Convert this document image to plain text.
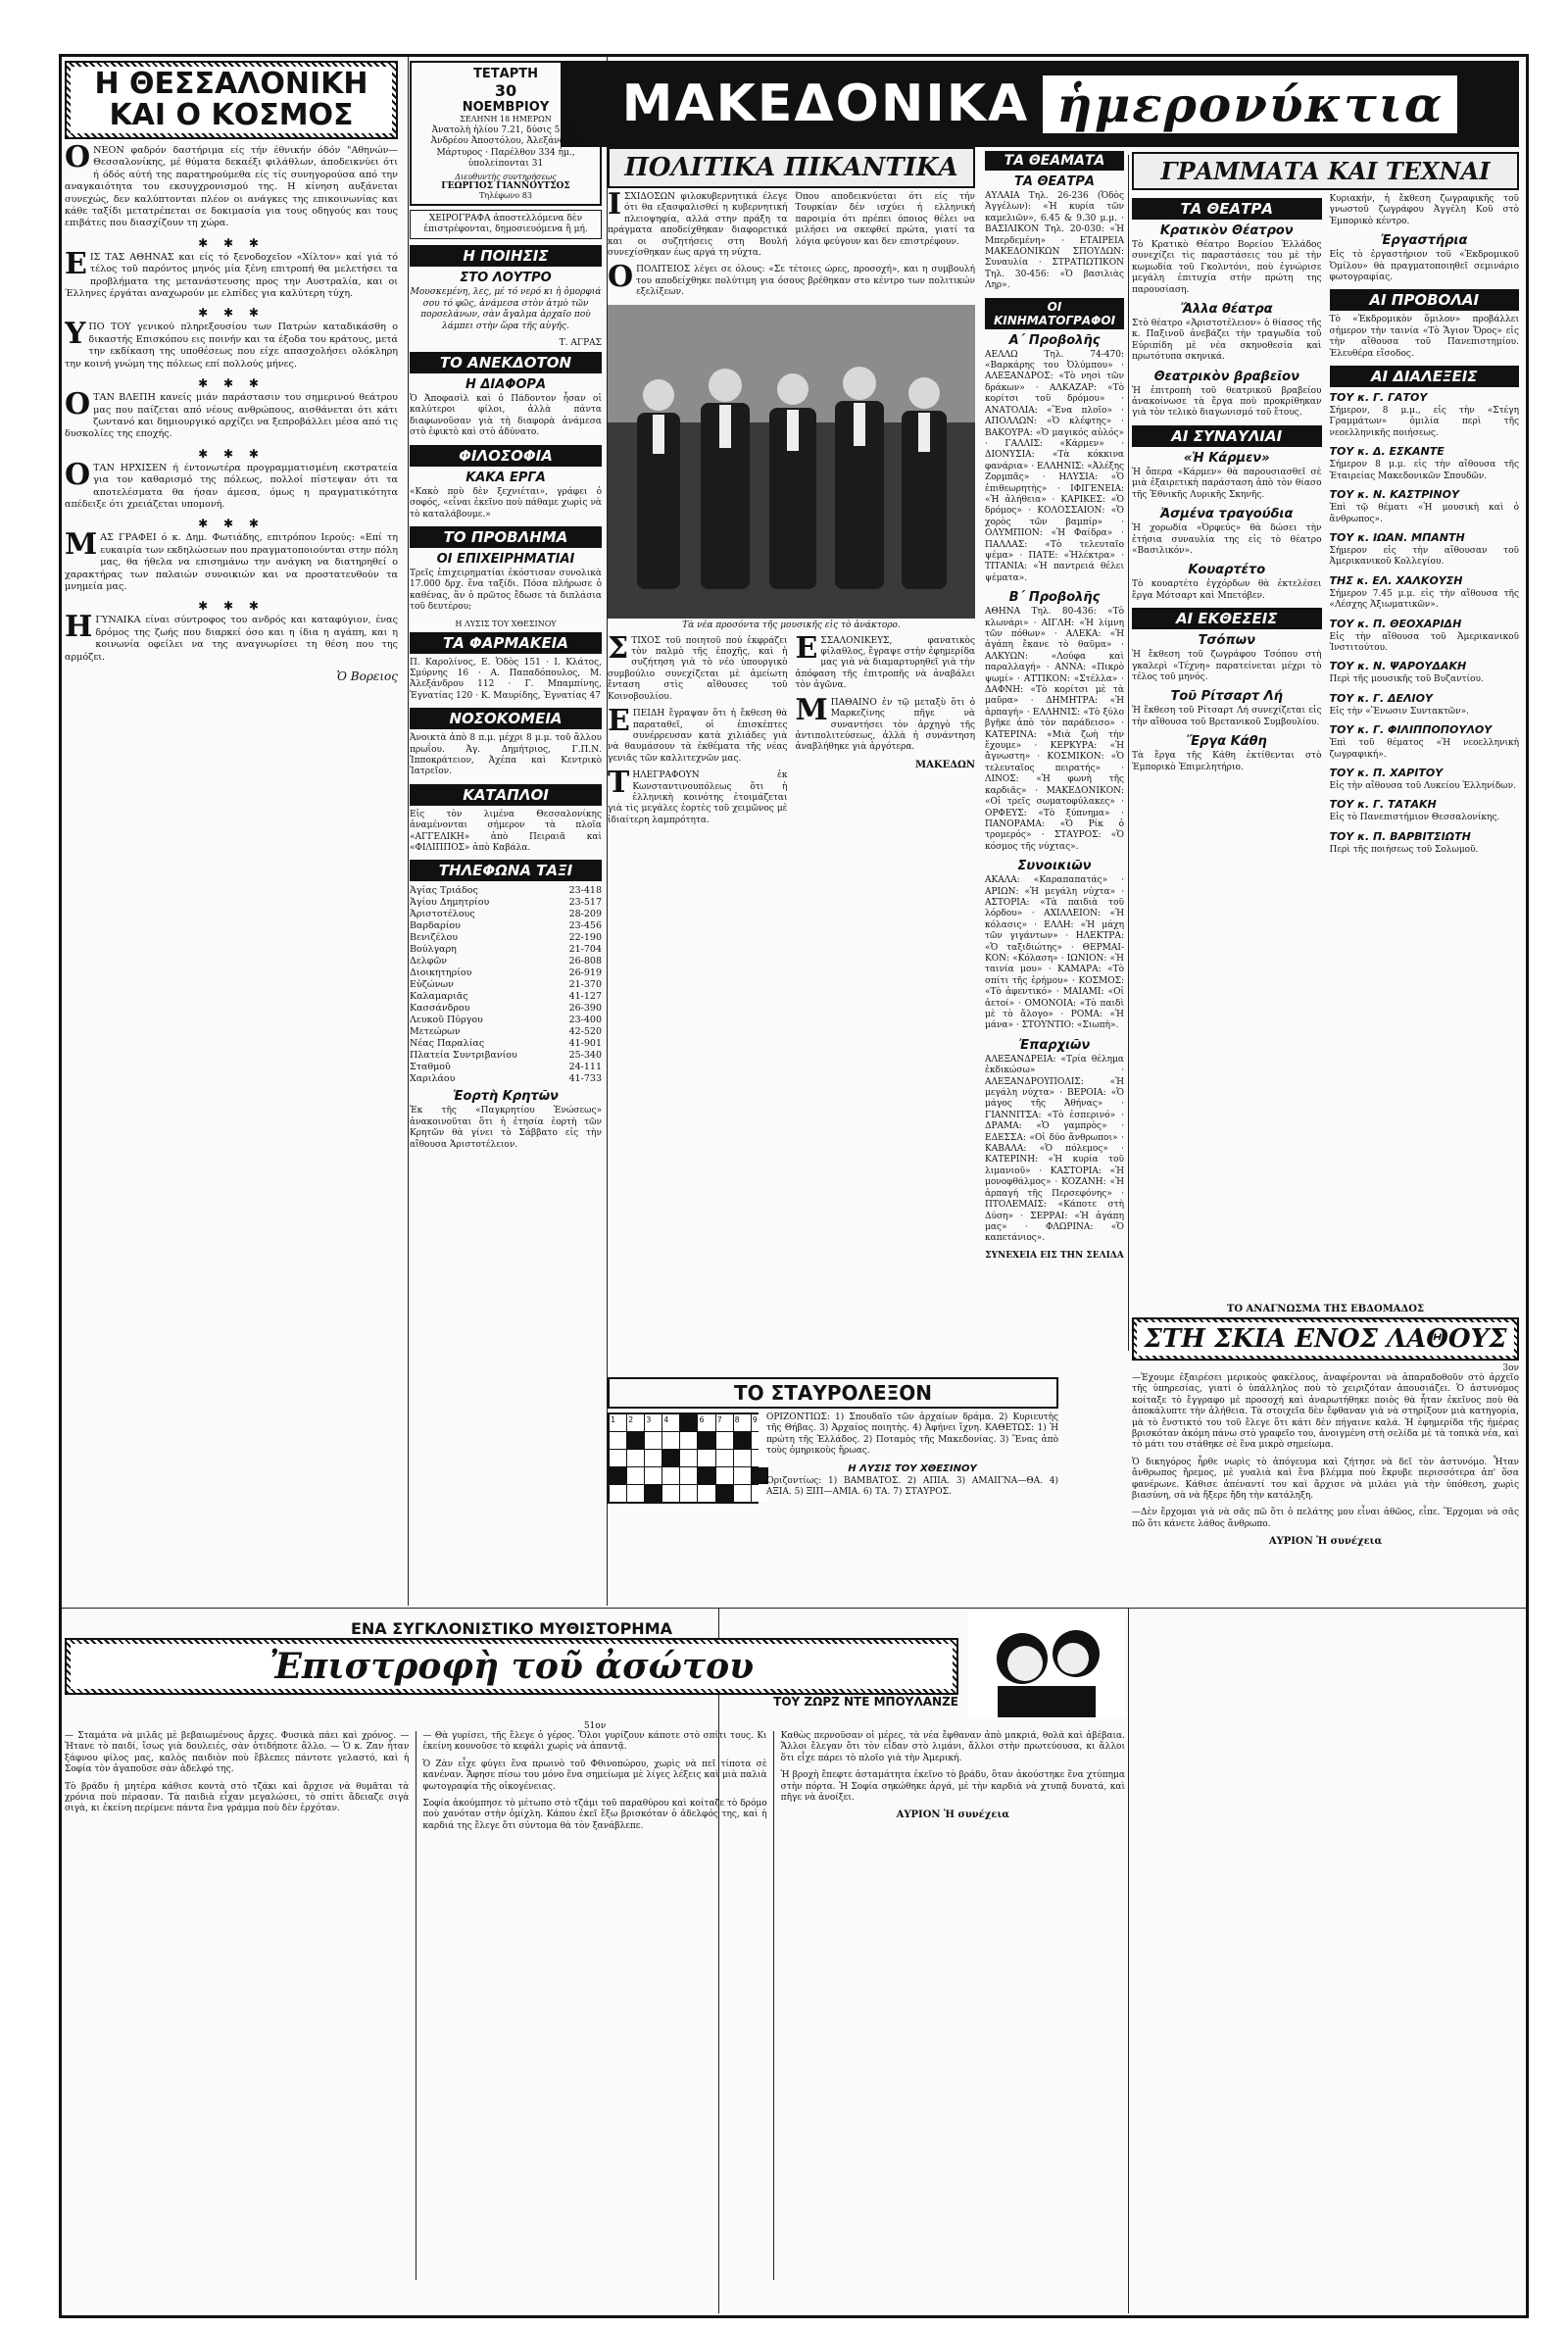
ΜΑΚΕΔΟΝΙΚΑ ἡμερονύκτια
Η ΘΕΣΣΑΛΟΝΙΚΗ ΚΑΙ Ο ΚΟΣΜΟΣ

ΟΝΕΟΝ φαδρόν δαστήριμα είς τήν έθνικήν όδόν "Αθηνών—Θεσσαλονίκης, μέ θύματα δεκαέξι φιλάθλων, άποδεικνύει ότι ή όδός αύτή της παρατηρούμεθα είς τίς συνηγορούσα από την αναγκαιότητα του εκσυγχρονισμού της. Η κίνηση αυξάνεται συνεχώς, δεν καλύπτονται πλέον οι ανάγκες της επικοινωνίας και κάθε ταξίδι μετατρέπεται σε δοκιμασία για τους οδηγούς και τους επιβάτες που διασχίζουν τη χώρα.

✱ ✱ ✱

ΕΙΣ ΤΑΣ ΑΘΗΝΑΣ και είς τό ξενοδοχεῖον «Χίλτον» καί γιά τό τέλος τοῦ παρόντος μηνός μία ξένη επιτροπή θα μελετήσει τα προβλήματα της μετανάστευσης προς την Αυστραλία, και οι Έλληνες έργάται αναχωρούν με ελπίδες για καλύτερη τύχη.

✱ ✱ ✱

ΥΠΟ ΤΟΥ γενικού πληρεξουσίου των Πατρών καταδικάσθη ο δικαστής Επισκόπου εις ποινήν και τα έξοδα του κράτους, μετά την εκδίκαση της υποθέσεως που είχε απασχολήσει ολόκληρη την κοινή γνώμη της πόλεως επί πολλούς μήνες.

✱ ✱ ✱

ΟΤΑΝ ΒΛΕΠΗ κανείς μιάν παράστασιν του σημερινού θεάτρου μας που παίζεται από νέους ανθρώπους, αισθάνεται ότι κάτι ζωντανό και δημιουργικό αρχίζει να ξεπροβάλλει μέσα από τις δυσκολίες της εποχής.

✱ ✱ ✱

ΟΤΑΝ ΗΡΧΙΣΕΝ ή έντονωτέρα προγραμματισμένη εκστρατεία για τον καθαρισμό της πόλεως, πολλοί πίστεψαν ότι τα αποτελέσματα θα ήσαν άμεσα, όμως η πραγματικότητα απέδειξε ότι χρειάζεται υπομονή.

✱ ✱ ✱

ΜΑΣ ΓΡΑΦΕΙ ό κ. Δημ. Φωτιάδης, επιτρόπου Ιερούς: «Επί τη ευκαιρία των εκδηλώσεων που πραγματοποιούνται στην πόλη μας, θα ήθελα να επισημάνω την ανάγκη να διατηρηθεί ο χαρακτήρας των παλαιών συνοικιών και να προστατευθούν τα μνημεία μας.

✱ ✱ ✱

ΗΓΥΝΑΙΚΑ είναι σύντροφος του ανδρός και καταφύγιον, ένας δρόμος της ζωής που διαρκεί όσο και η ίδια η αγάπη, και η κοινωνία οφείλει να της αναγνωρίσει τη θέση που της αρμόζει.

Ὁ Βορειος
ΤΕΤΑΡΤΗ
30
ΝΟΕΜΒΡΙΟΥ
ΣΕΛΗΝΗ 18 ΗΜΕΡΩΝ
Ἀνατολὴ ἡλίου 7.21, δύσις 5.06 · Ἀνδρέου Ἀποστόλου, Ἀλεξάνδρου Μάρτυρος · Παρέλθον 334 ἡμ., ὑπολείπονται 31
Διευθυντὴς συντηρήσεως
ΓΕΩΡΓΙΟΣ ΓΙΑΝΝΟΥΤΣΟΣ
Τηλέφωνο 83
ΧΕΙΡΟΓΡΑΦΑ ἀποστελλόμενα δὲν ἐπιστρέφονται, δημοσιευόμενα ἢ μή.
Η ΠΟΙΗΣΙΣ
ΣΤΟ ΛΟΥΤΡΟ

Μουσκεμένη, λες, μέ τό νερό κι ἡ ὁμορφιά σου τό φῶς, ἀνάμεσα στὸν ἀτμὸ τῶν πορσελάνων, σὰν ἄγαλμα ἀρχαῖο ποὺ λάμπει στὴν ὥρα τῆς αὐγῆς.

Τ. ΑΓΡΑΣ
ΤΟ ΑΝΕΚΔΟΤΟΝ
Η ΔΙΑΦΟΡΑ

Ὁ Ἀποφασὶλ καὶ ὁ Πάδοντον ἦσαν οἱ καλύτεροι φίλοι, ἀλλὰ πάντα διαφωνοῦσαν γιὰ τὴ διαφορὰ ἀνάμεσα στὸ ἐφικτὸ καὶ στὸ ἀδύνατο.

ΦΙΛΟΣΟΦΙΑ
ΚΑΚΑ ΕΡΓΑ

«Κακὸ ποὺ δὲν ξεχνιέται», γράφει ὁ σοφός, «εἶναι ἐκεῖνο ποὺ πάθαμε χωρὶς νὰ τὸ καταλάβουμε.»

ΤΟ ΠΡΟΒΛΗΜΑ
ΟΙ ΕΠΙΧΕΙΡΗΜΑΤΙΑΙ

Τρεῖς ἐπιχειρηματίαι ἐκόστισαν συνολικὰ 17.000 δρχ. ἕνα ταξίδι. Πόσα πλήρωσε ὁ καθένας, ἂν ὁ πρῶτος ἔδωσε τὰ διπλάσια τοῦ δευτέρου;

Η ΛΥΣΙΣ ΤΟΥ ΧΘΕΣΙΝΟΥ
ΤΑ ΦΑΡΜΑΚΕΙΑ

Π. Καρολίνος, Ε. Ὁδὸς 151 · Ι. Κλάτος, Σμύρνης 16 · Α. Παπαδόπουλος, Μ. Ἀλεξάνδρου 112 · Γ. Μπαμπίνης, Ἐγνατίας 120 · Κ. Μαυρίδης, Ἐγνατίας 47

ΝΟΣΟΚΟΜΕΙΑ

Ἀνοικτὰ ἀπὸ 8 π.μ. μέχρι 8 μ.μ. τοῦ ἄλλου πρωΐου. Ἀγ. Δημήτριος, Γ.Π.Ν. Ἱπποκράτειον, Ἀχέπα καὶ Κεντρικὸ Ἰατρεῖον.

ΚΑΤΑΠΛΟΙ

Εἰς τὸν λιμένα Θεσσαλονίκης ἀναμένονται σήμερον τὰ πλοῖα «ΑΓΓΕΛΙΚΗ» ἀπὸ Πειραιᾶ καὶ «ΦΙΛΙΠΠΟΣ» ἀπὸ Καβάλα.

ΤΗΛΕΦΩΝΑ ΤΑΞΙ
Ἁγίας Τριάδος	23-418
Ἁγίου Δημητρίου	23-517
Ἀριστοτέλους	28-209
Βαρδαρίου	23-456
Βενιζέλου	22-190
Βούλγαρη	21-704
Δελφῶν	26-808
Διοικητηρίου	26-919
Εὐζώνων	21-370
Καλαμαριᾶς	41-127
Κασσάνδρου	26-390
Λευκοῦ Πύργου	23-400
Μετεώρων	42-520
Νέας Παραλίας	41-901
Πλατεία Συντριβανίου	25-340
Σταθμοῦ	24-111
Χαριλάου	41-733
Ἑορτὴ Κρητῶν

Ἐκ τῆς «Παγκρητίου Ἑνώσεως» ἀνακοινοῦται ὅτι ἡ ἐτησία ἑορτὴ τῶν Κρητῶν θὰ γίνει τὸ Σάββατο εἰς τὴν αἴθουσα Ἀριστοτέλειον.

ΠΟΛΙΤΙΚΑ ΠΙΚΑΝΤΙΚΑ

ΙΣΧΙΔΟΣΩΝ φιλοκυβερνητικά έλεγε ότι θα εξασφαλισθεί η κυβερνητική πλειοψηφία, αλλά στην πράξη τα πράγματα αποδείχθηκαν διαφορετικά και οι συζητήσεις στη Βουλή συνεχίσθηκαν έως αργά τη νύχτα.

Όπου αποδεικνύεται ότι είς τήν Τουρκίαν δέν ισχύει ή ελληνική παροιμία ότι πρέπει όποιος θέλει να μιλήσει να σκεφθεί πρώτα, γιατί τα λόγια φεύγουν και δεν επιστρέφουν.

ΟΠΟΛΙΤΕΙΟΣ λέγει σε όλους: «Σε τέτοιες ώρες, προσοχή», και η συμβουλή του αποδείχθηκε πολύτιμη για όσους βρέθηκαν στο κέντρο των πολιτικών εξελίξεων.

Τὰ νέα προσόντα τῆς μουσικῆς εἰς τὸ ἀνάκτορο.

ΣΤΙΧΟΣ τοῦ ποιητοῦ πού ἐκφράζει τὸν παλμὸ τῆς ἐποχῆς, καὶ ἡ συζήτηση γιὰ τὸ νέο ὑπουργικὸ συμβούλιο συνεχίζεται μὲ ἀμείωτη ἔνταση στὶς αἴθουσες τοῦ Κοινοβουλίου.

ΕΠΕΙΔΗ ἔγραψαν ὅτι ἡ ἔκθεση θὰ παραταθεῖ, οἱ ἐπισκέπτες συνέρρευσαν κατὰ χιλιάδες γιὰ νὰ θαυμάσουν τὰ ἐκθέματα τῆς νέας γενιᾶς τῶν καλλιτεχνῶν μας.

ΤΗΛΕΓΡΑΦΟΥΝ ἐκ Κωνσταντινουπόλεως ὅτι ἡ ἐλληνικὴ κοινότης ἑτοιμάζεται γιὰ τὶς μεγάλες ἑορτὲς τοῦ χειμῶνος μὲ ἰδιαίτερη λαμπρότητα.

ΕΣΣΑΛΟΝΙΚΕΥΣ, φανατικὸς φίλαθλος, ἔγραψε στὴν ἐφημερίδα μας γιὰ νὰ διαμαρτυρηθεῖ γιὰ τὴν ἀπόφαση τῆς ἐπιτροπῆς νὰ ἀναβάλει τὸν ἀγῶνα.

ΜΠΑΘΑΙΝΟ ἐν τῷ μεταξὺ ὅτι ὁ Μαρκεζίνης πῆγε νὰ συναντήσει τὸν ἀρχηγὸ τῆς ἀντιπολιτεύσεως, ἀλλὰ ἡ συνάντηση ἀναβλήθηκε γιὰ ἀργότερα.

ΜΑΚΕΔΩΝ
ΤΟ ΣΤΑΥΡΟΛΕΞΟΝ
1	2	3	4	6	7	8	9	ΟΡΙΖΟΝΤΙΩΣ: 1) Σπουδαῖο τῶν ἀρχαίων δράμα. 2) Κυριευτὴς τῆς Θήβας. 3) Ἀρχαίος ποιητὴς. 4) Ἀφήνει ἴχνη. ΚΑΘΕΤΩΣ: 1) Ἡ πρώτη τῆς Ἑλλάδος. 2) Ποταμὸς τῆς Μακεδονίας. 3) Ἕνας ἀπὸ τοὺς ὀμηρικοὺς ἥρωας.

Η ΛΥΣΙΣ ΤΟΥ ΧΘΕΣΙΝΟΥ

Ὁριζοντίως: 1) ΒΑΜΒΑΤΟΣ. 2) ΑΠΙΑ. 3) ΑΜΑΙΓΝΑ—ΘΑ. 4) ΑΞΙΑ. 5) ΞΙΠ—ΑΜΙΑ. 6) ΤΑ. 7) ΣΤΑΥΡΟΣ.

ΤΑ ΘΕΑΜΑΤΑ
ΤΑ ΘΕΑΤΡΑ

ΑΥΛΑΙΑ Τηλ. 26-236 (Ὁδὸς Ἀγγέλων): «Ἡ κυρία τῶν καμελιῶν», 6.45 & 9.30 μ.μ. · ΒΑΣΙΛΙΚΟΝ Τηλ. 20-030: «Ἡ Μπερδεμένη» · ΕΤΑΙΡΕΙΑ ΜΑΚΕΔΟΝΙΚΩΝ ΣΠΟΥΔΩΝ: Συναυλία · ΣΤΡΑΤΙΩΤΙΚΟΝ Τηλ. 30-456: «Ὁ βασιλιὰς Ληρ».

ΟΙ ΚΙΝΗΜΑΤΟΓΡΑΦΟΙ
Α΄ Προβολῆς

ΑΕΛΛΩ Τηλ. 74-470: «Βαρκάρης του Ὀλύμπου» · ΑΛΕΞΑΝΔΡΟΣ: «Τὸ νησὶ τῶν δράκων» · ΑΛΚΑΖΑΡ: «Τὸ κορίτσι τοῦ δρόμου» · ΑΝΑΤΟΛΙΑ: «Ἕνα πλοῖο» · ΑΠΟΛΛΩΝ: «Ὁ κλέφτης» · ΒΑΚΟΥΡΑ: «Ὁ μαγικός αὐλός» · ΓΑΛΛΙΣ: «Κάρμεν» · ΔΙΟΝΥΣΙΑ: «Τὰ κόκκινα φανάρια» · ΕΛΛΗΝΙΣ: «Ἀλέξης Ζορμπᾶς» · ΗΛΥΣΙΑ: «Ὁ ἐπιθεωρητὴς» · ΙΦΙΓΕΝΕΙΑ: «Ἡ ἀλήθεια» · ΚΑΡΙΚΕΣ: «Ὁ δρόμος» · ΚΟΛΟΣΣΑΙΟΝ: «Ὁ χορὸς τῶν βαμπίρ» · ΟΛΥΜΠΙΟΝ: «Ἡ Φαίδρα» · ΠΑΛΛΑΣ: «Τὸ τελευταῖο ψέμα» · ΠΑΤΕ: «Ἠλέκτρα» · ΤΙΤΑΝΙΑ: «Ἡ παντρειά θέλει ψέματα».

Β΄ Προβολῆς

ΑΘΗΝΑ Τηλ. 80-436: «Τὸ κλωνάρι» · ΑΙΓΛΗ: «Ἡ λίμνη τῶν πόθων» · ΑΛΕΚΑ: «Ἡ ἀγάπη ἔκανε τὸ θαῦμα» · ΑΛΚΥΩΝ: «Λούφα καὶ παραλλαγή» · ΑΝΝΑ: «Πικρὸ ψωμί» · ΑΤΤΙΚΟΝ: «Στέλλα» · ΔΑΦΝΗ: «Τὸ κορίτσι μὲ τὰ μαῦρα» · ΔΗΜΗΤΡΑ: «Ἡ ἀρπαγή» · ΕΛΛΗΝΙΣ: «Τὸ ξύλο βγῆκε ἀπὸ τὸν παράδεισο» · ΚΑΤΕΡΙΝΑ: «Μιὰ ζωὴ τὴν ἔχουμε» · ΚΕΡΚΥΡΑ: «Ἡ ἄγνωστη» · ΚΟΣΜΙΚΟΝ: «Ὁ τελευταῖος πειρατής» · ΛΙΝΟΣ: «Ἡ φωνὴ τῆς καρδιᾶς» · ΜΑΚΕΔΟΝΙΚΟΝ: «Οἱ τρεῖς σωματοφύλακες» · ΟΡΦΕΥΣ: «Τὸ ξύπνημα» · ΠΑΝΟΡΑΜΑ: «Ὁ Ρίκ ὁ τρομερός» · ΣΤΑΥΡΟΣ: «Ὁ κόσμος τῆς νύχτας».

Συνοικιῶν

ΑΚΑΛΑ: «Καραπαπατάς» · ΑΡΙΩΝ: «Ἡ μεγάλη νύχτα» · ΑΣΤΟΡΙΑ: «Τὰ παιδιὰ τοῦ λόρδου» · ΑΧΙΛΛΕΙΟΝ: «Ἡ κόλασις» · ΕΛΛΗ: «Ἡ μάχη τῶν γιγάντων» · ΗΛΕΚΤΡΑ: «Ὁ ταξιδιώτης» · ΘΕΡΜΑΙ-ΚΟΝ: «Κόλαση» · ΙΩΝΙΟΝ: «Ἡ ταινία μου» · ΚΑΜΑΡΑ: «Τὸ σπίτι τῆς ἐρήμου» · ΚΟΣΜΟΣ: «Τὸ ἀφεντικό» · ΜΑΙΑΜΙ: «Οἱ ἀετοί» · ΟΜΟΝΟΙΑ: «Τὸ παιδὶ μὲ τὸ ἄλογο» · ΡΟΜΑ: «Ἡ μάνα» · ΣΤΟΥΝΤΙΟ: «Σιωπὴ».

Ἐπαρχιῶν

ΑΛΕΞΑΝΔΡΕΙΑ: «Τρία θέλημα ἐκδικώσω» · ΑΛΕΞΑΝΔΡΟΥΠΟΛΙΣ: «Ἡ μεγάλη νύχτα» · ΒΕΡΟΙΑ: «Ὁ μάγος τῆς Ἀθήνας» · ΓΙΑΝΝΙΤΣΑ: «Τὸ ἐσπερινό» · ΔΡΑΜΑ: «Ὁ γαμπρὸς» · ΕΔΕΣΣΑ: «Οἱ δύο ἄνθρωποι» · ΚΑΒΑΛΑ: «Ὁ πόλεμος» · ΚΑΤΕΡΙΝΗ: «Ἡ κυρία τοῦ λιμανιοῦ» · ΚΑΣΤΟΡΙΑ: «Ἡ μονοφθάλμος» · ΚΟΖΑΝΗ: «Ἡ ἀρπαγή τῆς Περσεφόνης» · ΠΤΟΛΕΜΑΙΣ: «Κάποτε στὴ Δύση» · ΣΕΡΡΑΙ: «Ἡ ἀγάπη μας» · ΦΛΩΡΙΝΑ: «Ὁ καπετάνιος».

ΣΥΝΕΧΕΙΑ ΕΙΣ ΤΗΝ ΣΕΛΙΔΑ
ΓΡΑΜΜΑΤΑ ΚΑΙ ΤΕΧΝΑΙ
ΤΑ ΘΕΑΤΡΑ
Κρατικὸν Θέατρον

Τὸ Κρατικὸ Θέατρο Βορείου Ἑλλάδος συνεχίζει τὶς παραστάσεις του μὲ τὴν κωμωδία τοῦ Γκολντόνι, ποὺ ἐγνώρισε μεγάλη ἐπιτυχία στὴν πρώτη της παρουσίαση.

Ἄλλα θέατρα

Στὸ θέατρο «Ἀριστοτέλειον» ὁ θίασος τῆς κ. Παξινοῦ ἀνεβάζει τὴν τραγωδία τοῦ Εὐριπίδη μὲ νέα σκηνοθεσία καὶ πρωτότυπα σκηνικά.

Θεατρικὸν βραβεῖον

Ἡ ἐπιτροπὴ τοῦ θεατρικοῦ βραβείου ἀνακοίνωσε τὰ ἔργα ποὺ προκρίθηκαν γιὰ τὸν τελικὸ διαγωνισμό τοῦ ἔτους.

ΑΙ ΣΥΝΑΥΛΙΑΙ
«Ἡ Κάρμεν»

Ἡ ὄπερα «Κάρμεν» θὰ παρουσιασθεῖ σὲ μιὰ ἐξαιρετικὴ παράσταση ἀπὸ τὸν θίασο τῆς Ἐθνικῆς Λυρικῆς Σκηνῆς.

Ἀσμένα τραγούδια

Ἡ χορωδία «Ὀρφεύς» θὰ δώσει τὴν ἐτήσια συναυλία της εἰς τὸ θέατρο «Βασιλικόν».

Κουαρτέτο

Τὸ κουαρτέτο ἐγχόρδων θὰ ἐκτελέσει ἔργα Μότσαρτ καὶ Μπετόβεν.

ΑΙ ΕΚΘΕΣΕΙΣ
Τσόπων

Ἡ ἔκθεση τοῦ ζωγράφου Τσόπου στὴ γκαλερὶ «Τέχνη» παρατείνεται μέχρι τὸ τέλος τοῦ μηνός.

Τοῦ Ρίτσαρτ Λή

Ἡ ἔκθεση τοῦ Ρίτσαρτ Λή συνεχίζεται εἰς τὴν αἴθουσα τοῦ Βρετανικοῦ Συμβουλίου.

Ἔργα Κάθη

Τὰ ἔργα τῆς Κάθη ἐκτίθενται στὸ Ἐμπορικὸ Ἐπιμελητήριο.

Κυριακήν, ἡ ἔκθεση ζωγραφικῆς τοῦ γνωστοῦ ζωγράφου Ἀγγέλη Κοῦ στὸ Ἐμπορικὸ κέντρο.

Ἐργαστήρια

Εἰς τὸ ἐργαστήριον τοῦ «Ἐκδρομικοῦ Ὁμίλου» θὰ πραγματοποιηθεῖ σεμινάριο φωτογραφίας.

ΑΙ ΠΡΟΒΟΛΑΙ

Τὸ «Ἐκδρομικὸν ὅμιλον» προβάλλει σήμερον τὴν ταινία «Τὸ Ἅγιον Ὄρος» εἰς τὴν αἴθουσα τοῦ Πανεπιστημίου. Ἐλευθέρα εἴσοδος.

ΑΙ ΔΙΑΛΕΞΕΙΣ
ΤΟΥ κ. Γ. ΓΑΤΟΥ

Σήμερον, 8 μ.μ., εἰς τὴν «Στέγη Γραμμάτων» ὁμιλία περὶ τῆς νεοελληνικῆς ποιήσεως.

ΤΟΥ κ. Δ. ΕΣΚΑΝΤΕ

Σήμερον 8 μ.μ. εἰς τὴν αἴθουσα τῆς Ἑταιρείας Μακεδονικῶν Σπουδῶν.

ΤΟΥ κ. Ν. ΚΑΣΤΡΙΝΟΥ

Ἐπὶ τῷ θέματι «Ἡ μουσικὴ καὶ ὁ ἄνθρωπος».

ΤΟΥ κ. ΙΩΑΝ. ΜΠΑΝΤΗ

Σήμερον εἰς τὴν αἴθουσαν τοῦ Ἀμερικανικοῦ Κολλεγίου.

ΤΗΣ κ. ΕΛ. ΧΑΛΚΟΥΣΗ

Σήμερον 7.45 μ.μ. εἰς τὴν αἴθουσα τῆς «Λέσχης Ἀξιωματικῶν».

ΤΟΥ κ. Π. ΘΕΟΧΑΡΙΔΗ

Εἰς τὴν αἴθουσα τοῦ Ἀμερικανικοῦ Ἰνστιτούτου.

ΤΟΥ κ. Ν. ΨΑΡΟΥΔΑΚΗ

Περὶ τῆς μουσικῆς τοῦ Βυζαντίου.

ΤΟΥ κ. Γ. ΔΕΛΙΟΥ

Εἰς τὴν «Ἕνωσιν Συντακτῶν».

ΤΟΥ κ. Γ. ΦΙΛΙΠΠΟΠΟΥΛΟΥ

Ἐπὶ τοῦ θέματος «Ἡ νεοελληνικὴ ζωγραφική».

ΤΟΥ κ. Π. ΧΑΡΙΤΟΥ

Εἰς τὴν αἴθουσα τοῦ Λυκείου Ἑλληνίδων.

ΤΟΥ κ. Γ. ΤΑΤΑΚΗ

Εἰς τὸ Πανεπιστήμιον Θεσσαλονίκης.

ΤΟΥ κ. Π. ΒΑΡΒΙΤΣΙΩΤΗ

Περὶ τῆς ποιήσεως τοῦ Σολωμοῦ.

ΤΟ ΑΝΑΓΝΩΣΜΑ ΤΗΣ ΕΒΔΟΜΑΔΟΣ
ΣΤΗ ΣΚΙΑ ΕΝΟΣ ΛΑΘΟΥΣ
3ον

—Ἐχουμε ἐξαιρέσει μερικοὺς φακέλους, ἀναφέρονται νὰ ἀπαραδοθοῦν στὸ ἀρχεῖο τῆς ὑπηρεσίας, γιατὶ ὁ ὑπάλληλος ποὺ τὸ χειριζόταν ἀπουσιάζει. Ὁ ἀστυνόμος κοίταξε τὸ ἔγγραφο μὲ προσοχή καὶ ἀναρωτήθηκε ποιὸς θὰ ἦταν ἐκεῖνος ποὺ θὰ ἀποκάλυπτε τὴν ἀλήθεια. Τὰ στοιχεῖα δὲν ἔφθαναν γιὰ νὰ στηρίξουν μιὰ κατηγορία, μὰ τὸ ἔνστικτό του τοῦ ἔλεγε ὅτι κάτι δὲν πήγαινε καλά. Ἡ ἐφημερίδα τῆς ἡμέρας βρισκόταν ἀκόμη πάνω στὸ γραφεῖο του, ἀνοιγμένη στὴ σελίδα μὲ τὰ τοπικὰ νέα, καὶ τὸ μάτι του στάθηκε σὲ ἕνα μικρὸ σημείωμα.

Ὁ δικηγόρος ἦρθε νωρὶς τὸ ἀπόγευμα καὶ ζήτησε νὰ δεῖ τὸν ἀστυνόμο. Ἦταν ἄνθρωπος ἤρεμος, μὲ γυαλιὰ καὶ ἕνα βλέμμα ποὺ ἔκρυβε περισσότερα ἀπ' ὅσα φανέρωνε. Κάθισε ἀπέναντί του καὶ ἄρχισε νὰ μιλάει γιὰ τὴν ὑπόθεση, χωρὶς βιασύνη, σὰ νὰ ἤξερε ἤδη τὴν κατάληξη.

—Δὲν ἔρχομαι γιὰ νὰ σᾶς πῶ ὅτι ὁ πελάτης μου εἶναι ἀθῶος, εἶπε. Ἔρχομαι νὰ σᾶς πῶ ὅτι κάνετε λάθος ἄνθρωπο.

ΑΥΡΙΟΝ Ἡ συνέχεια
ΕΝΑ ΣΥΓΚΛΟΝΙΣΤΙΚΟ ΜΥΘΙΣΤΟΡΗΜΑ
Ἐπιστροφὴ τοῦ ἀσώτου
ΤΟΥ ΖΩΡΖ ΝΤΕ ΜΠΟΥΛΑΝΖΕ
51ον

— Σταμάτα νὰ μιλᾶς μὲ βεβαιωμένους ἄρχες. Φυσικὰ πάει καὶ χρόνος. — Ἠτανε τὸ παιδί, ἴσως γιὰ δουλειές, σὰν ὁτιδήποτε ἄλλο. — Ὁ κ. Ζαν ἦταν ξάφνου φίλος μας, καλὸς παιδιὸν ποὺ ἔβλεπες πάντοτε γελαστό, καὶ ἡ Σοφία τὸν ἀγαποῦσε σὰν ἀδελφό της.

Τὸ βράδυ ἡ μητέρα κάθισε κοντὰ στὸ τζάκι καὶ ἄρχισε νὰ θυμᾶται τὰ χρόνια ποὺ πέρασαν. Τὰ παιδιὰ εἶχαν μεγαλώσει, τὸ σπίτι ἄδειαζε σιγὰ σιγὰ, κι ἐκείνη περίμενε πάντα ἕνα γράμμα ποὺ δὲν ἐρχόταν.

— Θὰ γυρίσει, τῆς ἔλεγε ὁ γέρος. Ὅλοι γυρίζουν κάποτε στὸ σπίτι τους. Κι ἐκείνη κουνοῦσε τὸ κεφάλι χωρὶς νὰ ἀπαντᾷ.

Ὁ Ζὰν εἶχε φύγει ἕνα πρωινὸ τοῦ Φθινοπώρου, χωρὶς νὰ πεῖ τίποτα σὲ κανέναν. Ἄφησε πίσω του μόνο ἕνα σημείωμα μὲ λίγες λέξεις καὶ μιὰ παλιὰ φωτογραφία τῆς οἰκογένειας.

Σοφία ἀκούμπησε τὸ μέτωπο στὸ τζάμι τοῦ παραθύρου καὶ κοίταζε τὸ δρόμο ποὺ χανόταν στὴν ὁμίχλη. Κάπου ἐκεῖ ἔξω βρισκόταν ὁ ἀδελφός της, καὶ ἡ καρδιά της ἔλεγε ὅτι σύντομα θὰ τὸν ξανάβλεπε.

Καθὼς περνοῦσαν οἱ μέρες, τὰ νέα ἔφθαναν ἀπὸ μακριά, θολὰ καὶ ἀβέβαια. Ἄλλοι ἔλεγαν ὅτι τὸν εἶδαν στὸ λιμάνι, ἄλλοι στὴν πρωτεύουσα, κι ἄλλοι ὅτι εἶχε πάρει τὸ πλοῖο γιὰ τὴν Ἀμερική.

Ἡ βροχὴ ἔπεφτε ἀσταμάτητα ἐκεῖνο τὸ βράδυ, ὅταν ἀκούστηκε ἕνα χτύπημα στὴν πόρτα. Ἡ Σοφία σηκώθηκε ἀργά, μὲ τὴν καρδιὰ νὰ χτυπᾷ δυνατά, καὶ πῆγε νὰ ἀνοίξει.

ΑΥΡΙΟΝ Ἡ συνέχεια
